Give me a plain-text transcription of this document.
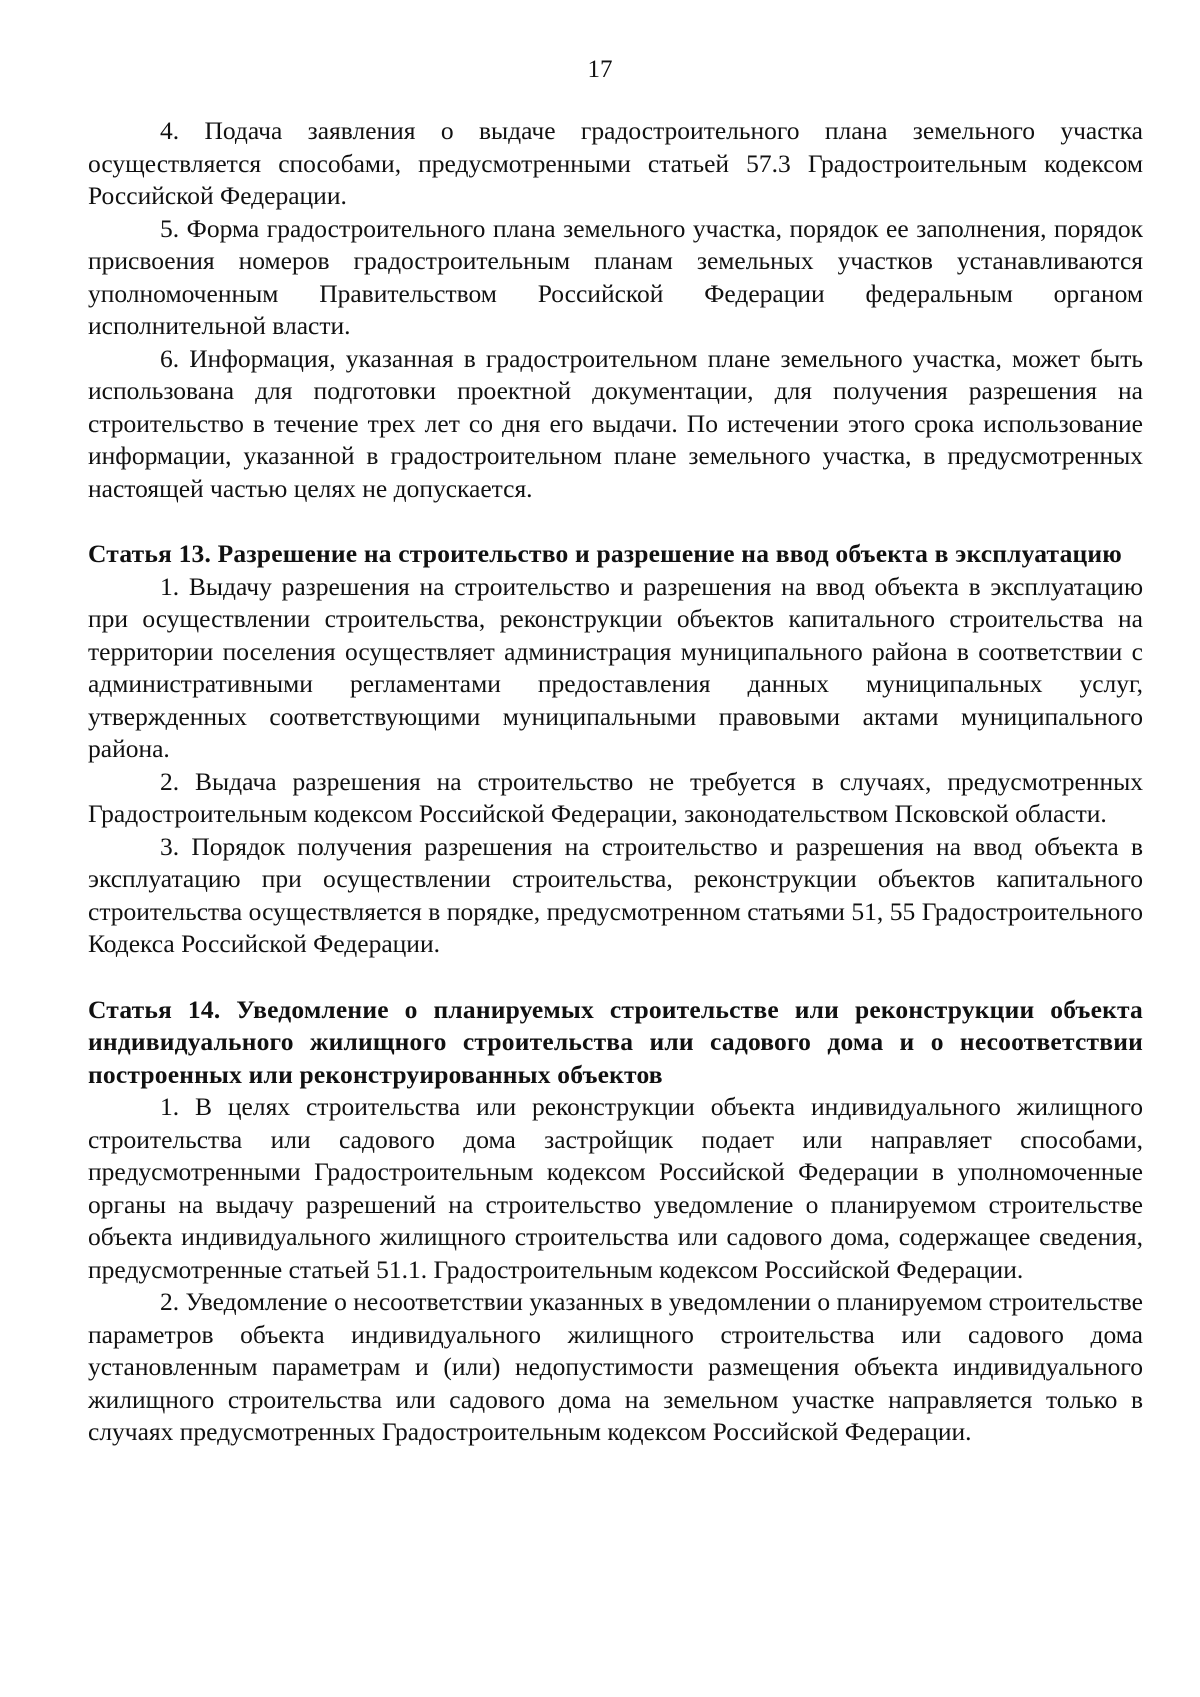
17

4. Подача заявления о выдаче градостроительного плана земельного участка осуществляется способами, предусмотренными статьей 57.3 Градостроительным кодексом Российской Федерации.

5. Форма градостроительного плана земельного участка, порядок ее заполнения, порядок присвоения номеров градостроительным планам земельных участков устанавливаются уполномоченным Правительством Российской Федерации федеральным органом исполнительной власти.

6. Информация, указанная в градостроительном плане земельного участка, может быть использована для подготовки проектной документации, для получения разрешения на строительство в течение трех лет со дня его выдачи. По истечении этого срока использование информации, указанной в градостроительном плане земельного участка, в предусмотренных настоящей частью целях не допускается.

Статья 13. Разрешение на строительство и разрешение на ввод объекта в эксплуатацию

1. Выдачу разрешения на строительство и разрешения на ввод объекта в эксплуатацию при осуществлении строительства, реконструкции объектов капитального строительства на территории поселения осуществляет администрация муниципального района в соответствии с административными регламентами предоставления данных муниципальных услуг, утвержденных соответствующими муниципальными правовыми актами муниципального района.

2. Выдача разрешения на строительство не требуется в случаях, предусмотренных Градостроительным кодексом Российской Федерации, законодательством Псковской области.

3. Порядок получения разрешения на строительство и разрешения на ввод объекта в эксплуатацию при осуществлении строительства, реконструкции объектов капитального строительства осуществляется в порядке, предусмотренном статьями 51, 55 Градостроительного Кодекса Российской Федерации.

Статья 14. Уведомление о планируемых строительстве или реконструкции объекта индивидуального жилищного строительства или садового дома и о несоответствии построенных или реконструированных объектов

1. В целях строительства или реконструкции объекта индивидуального жилищного строительства или садового дома застройщик подает или направляет способами, предусмотренными Градостроительным кодексом Российской Федерации в уполномоченные органы на выдачу разрешений на строительство уведомление о планируемом строительстве объекта индивидуального жилищного строительства или садового дома, содержащее сведения, предусмотренные статьей 51.1. Градостроительным кодексом Российской Федерации.

2. Уведомление о несоответствии указанных в уведомлении о планируемом строительстве параметров объекта индивидуального жилищного строительства или садового дома установленным параметрам и (или) недопустимости размещения объекта индивидуального жилищного строительства или садового дома на земельном участке направляется только в случаях предусмотренных Градостроительным кодексом Российской Федерации.
